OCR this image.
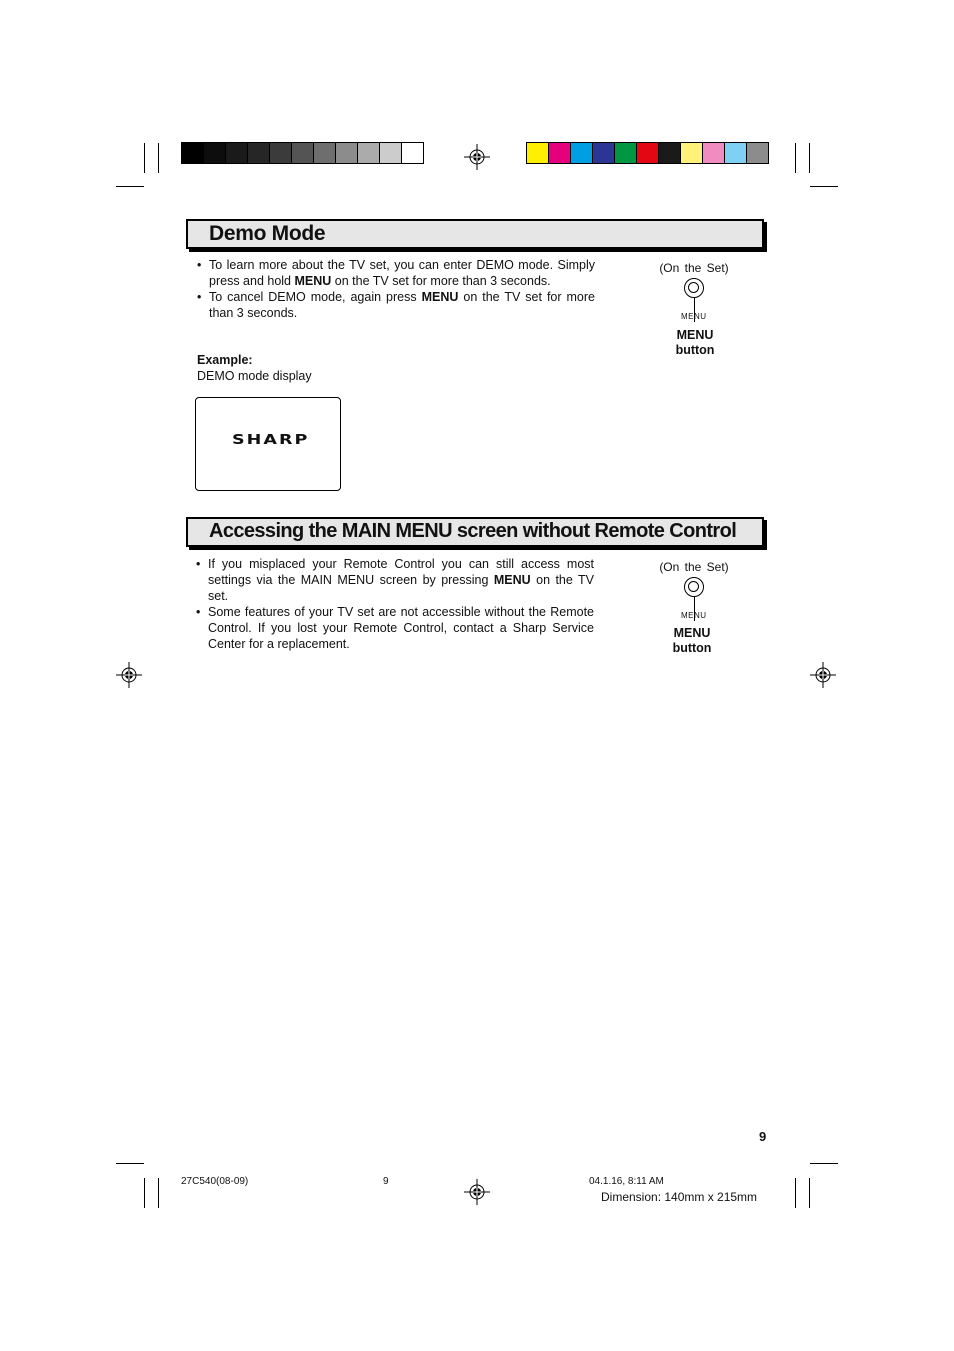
Demo Mode
• To learn more about the TV set, you can enter DEMO mode. Simply press and hold MENU on the TV set for more than 3 seconds.
• To cancel DEMO mode, again press MENU on the TV set for more than 3 seconds.
Example:
DEMO mode display
SHARP
(On the Set)
MENU
MENU
button
Accessing the MAIN MENU screen without Remote Control
• If you misplaced your Remote Control you can still access most settings via the MAIN MENU screen by pressing MENU on the TV set.
• Some features of your TV set are not accessible without the Remote Control. If you lost your Remote Control, contact a Sharp Service Center for a replacement.
(On the Set)
MENU
MENU
button
9
27C540(08-09)	9	04.1.16, 8:11 AM
Dimension: 140mm x 215mm
